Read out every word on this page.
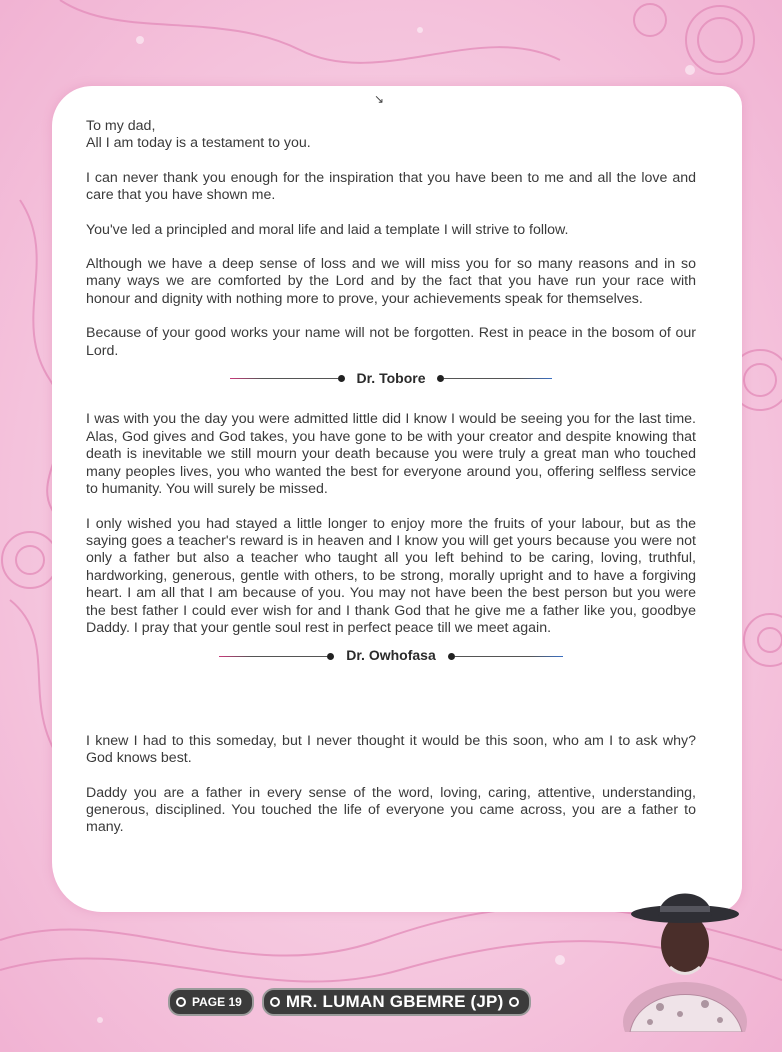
↘

To my dad,
All I am today is a testament to you.

I can never thank you enough for the inspiration that you have been to me and all the love and care that you have shown me.

You've led a principled and moral life and laid a template I will strive to follow.

Although we have a deep sense of loss and we will miss you for so many reasons and in so many ways we are comforted by the Lord and by the fact that you have run your race with honour and dignity with nothing more to prove, your achievements speak for themselves.

Because of your good works your name will not be forgotten. Rest in peace in the bosom of our Lord.

Dr. Tobore

I was with you the day you were admitted little did I know I would be seeing you for the last time. Alas, God gives and God takes, you have gone to be with your creator and despite knowing that death is inevitable we still mourn your death because you were truly a great man who touched many peoples lives, you who wanted the best for everyone around you, offering selfless service to humanity. You will surely be missed.

I only wished you had stayed a little longer to enjoy more the fruits of your labour, but as the saying goes a teacher's reward is in heaven and I know you will get yours because you were not only a father but also a teacher who taught all you left behind to be caring, loving, truthful, hardworking, generous, gentle with others, to be strong, morally upright and to have a forgiving heart. I am all that I am because of you. You may not have been the best person but you were the best father I could ever wish for and I thank God that he give me a father like you, goodbye Daddy. I pray that your gentle soul rest in perfect peace till we meet again.

Dr. Owhofasa

I knew I had to this someday, but I never thought it would be this soon, who am I to ask why? God knows best.

Daddy you are a father in every sense of the word, loving, caring, attentive, understanding, generous, disciplined. You touched the life of everyone you came across, you are a father to many.

PAGE 19	MR. LUMAN GBEMRE (JP)
